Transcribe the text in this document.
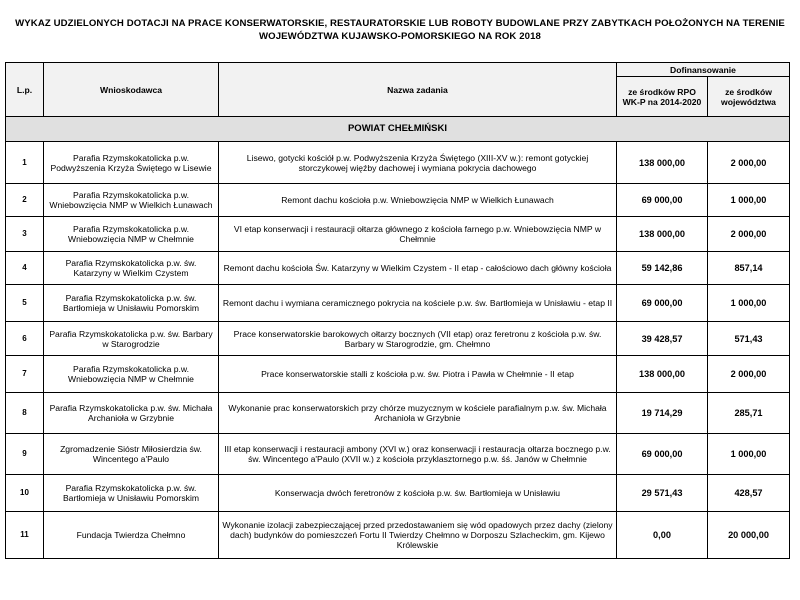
WYKAZ UDZIELONYCH DOTACJI NA PRACE KONSERWATORSKIE, RESTAURATORSKIE LUB ROBOTY BUDOWLANE PRZY ZABYTKACH POŁOŻONYCH NA TERENIE
WOJEWÓDZTWA KUJAWSKO-POMORSKIEGO NA ROK 2018
L.p.	Wnioskodawca	Nazwa zadania	Dofinansowanie	
			ze środków RPO WK-P na 2014-2020	ze środków województwa
POWIAT CHEŁMIŃSKI				
1	Parafia Rzymskokatolicka p.w. Podwyższenia Krzyża Świętego w Lisewie	Lisewo, gotycki kościół p.w. Podwyższenia Krzyża Świętego (XIII-XV w.): remont gotyckiej storczykowej więźby dachowej i wymiana pokrycia dachowego	138 000,00	2 000,00
2	Parafia Rzymskokatolicka p.w. Wniebowzięcia NMP w Wielkich Łunawach	Remont dachu kościoła p.w. Wniebowzięcia NMP w Wielkich Łunawach	69 000,00	1 000,00
3	Parafia Rzymskokatolicka p.w. Wniebowzięcia NMP w Chełmnie	VI etap konserwacji i restauracji ołtarza głównego z kościoła farnego p.w. Wniebowzięcia NMP w Chełmnie	138 000,00	2 000,00
4	Parafia Rzymskokatolicka p.w. św. Katarzyny w Wielkim Czystem	Remont dachu kościoła Św. Katarzyny w Wielkim Czystem - II etap - całościowo dach główny kościoła	59 142,86	857,14
5	Parafia Rzymskokatolicka p.w. św. Bartłomieja w Unisławiu Pomorskim	Remont dachu i wymiana ceramicznego pokrycia na kościele p.w. św. Bartłomieja w Unisławiu - etap II	69 000,00	1 000,00
6	Parafia Rzymskokatolicka p.w. św. Barbary w Starogrodzie	Prace konserwatorskie barokowych ołtarzy bocznych (VII etap) oraz feretronu z kościoła p.w. św. Barbary w Starogrodzie, gm. Chełmno	39 428,57	571,43
7	Parafia Rzymskokatolicka p.w. Wniebowzięcia NMP w Chełmnie	Prace konserwatorskie stalli z kościoła p.w. św. Piotra i Pawła w Chełmnie - II etap	138 000,00	2 000,00
8	Parafia Rzymskokatolicka p.w. św. Michała Archanioła w Grzybnie	Wykonanie prac konserwatorskich przy chórze muzycznym w kościele parafialnym p.w. św. Michała Archanioła w Grzybnie	19 714,29	285,71
9	Zgromadzenie Sióstr Miłosierdzia św. Wincentego a'Paulo	III etap konserwacji i restauracji ambony (XVI w.) oraz konserwacji i restauracja ołtarza bocznego p.w. św. Wincentego a'Paulo (XVII w.) z kościoła przyklasztornego p.w. śś. Janów w Chełmnie	69 000,00	1 000,00
10	Parafia Rzymskokatolicka p.w. św. Bartłomieja w Unisławiu Pomorskim	Konserwacja dwóch feretronów z kościoła p.w. św. Bartłomieja w Unisławiu	29 571,43	428,57
11	Fundacja Twierdza Chełmno	Wykonanie izolacji zabezpieczającej przed przedostawaniem się wód opadowych przez dachy (zielony dach) budynków do pomieszczeń Fortu II Twierdzy Chełmno w Dorposzu Szlacheckim, gm. Kijewo Królewskie	0,00	20 000,00
